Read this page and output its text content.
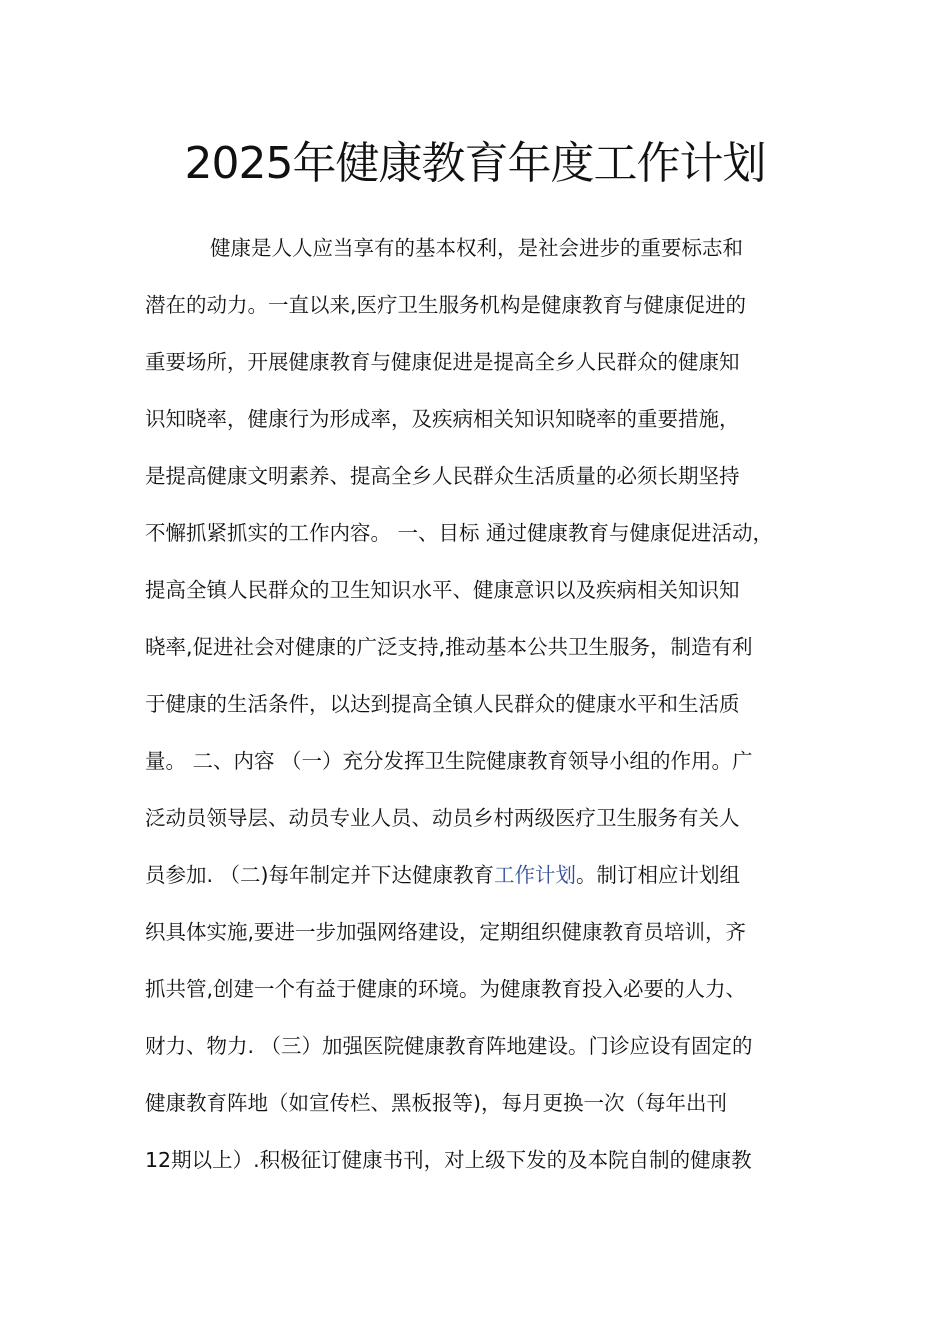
2025年健康教育年度工作计划
健康是人人应当享有的基本权利，是社会进步的重要标志和
潜在的动力。一直以来,医疗卫生服务机构是健康教育与健康促进的
重要场所，开展健康教育与健康促进是提高全乡人民群众的健康知
识知晓率，健康行为形成率，及疾病相关知识知晓率的重要措施，
是提高健康文明素养、提高全乡人民群众生活质量的必须长期坚持
不懈抓紧抓实的工作内容。 一、目标 通过健康教育与健康促进活动，
提高全镇人民群众的卫生知识水平、健康意识以及疾病相关知识知
晓率,促进社会对健康的广泛支持,推动基本公共卫生服务，制造有利
于健康的生活条件，以达到提高全镇人民群众的健康水平和生活质
量。 二、内容 （一）充分发挥卫生院健康教育领导小组的作用。广
泛动员领导层、动员专业人员、动员乡村两级医疗卫生服务有关人
员参加. （二)每年制定并下达健康教育工作计划。制订相应计划组
织具体实施,要进一步加强网络建设，定期组织健康教育员培训，齐
抓共管,创建一个有益于健康的环境。为健康教育投入必要的人力、
财力、物力. （三）加强医院健康教育阵地建设。门诊应设有固定的
健康教育阵地（如宣传栏、黑板报等)，每月更换一次（每年出刊
12期以上）.积极征订健康书刊，对上级下发的及本院自制的健康教
